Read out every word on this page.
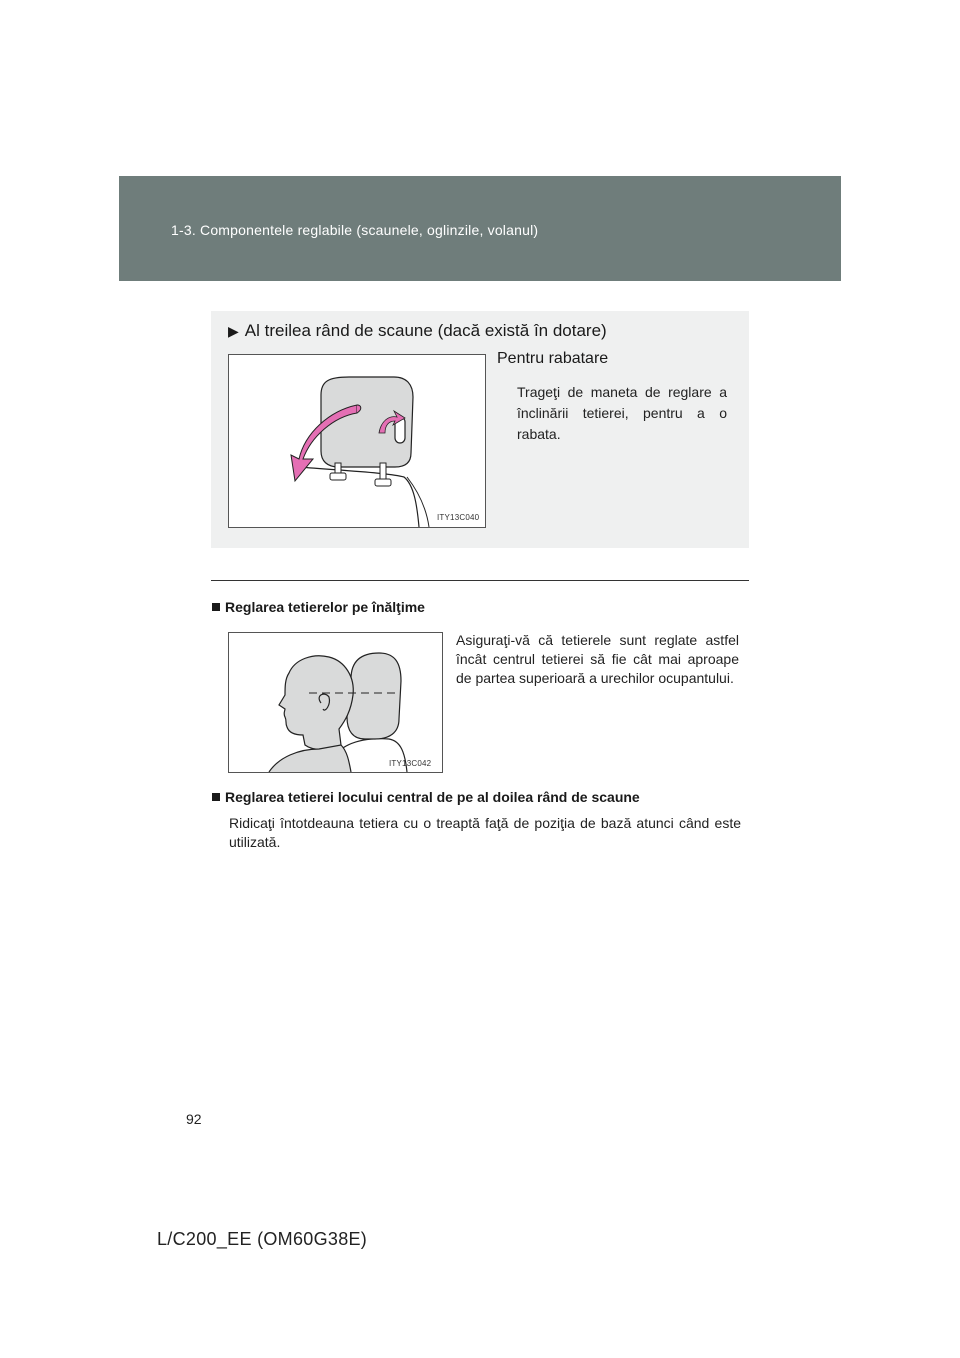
1-3. Componentele reglabile (scaunele, oglinzile, volanul)
▶ Al treilea rând de scaune (dacă există în dotare)
Pentru rabatare
Trageţi de maneta de reglare a înclinării tetierei, pentru a o rabata.
ITY13C040
Reglarea tetierelor pe înălţime
ITY13C042
Asiguraţi-vă că tetierele sunt reglate astfel încât centrul tetierei să fie cât mai aproape de partea superioară a urechilor ocupantului.
Reglarea tetierei locului central de pe al doilea rând de scaune
Ridicaţi întotdeauna tetiera cu o treaptă faţă de poziţia de bază atunci când este utilizată.
92
L/C200_EE (OM60G38E)
